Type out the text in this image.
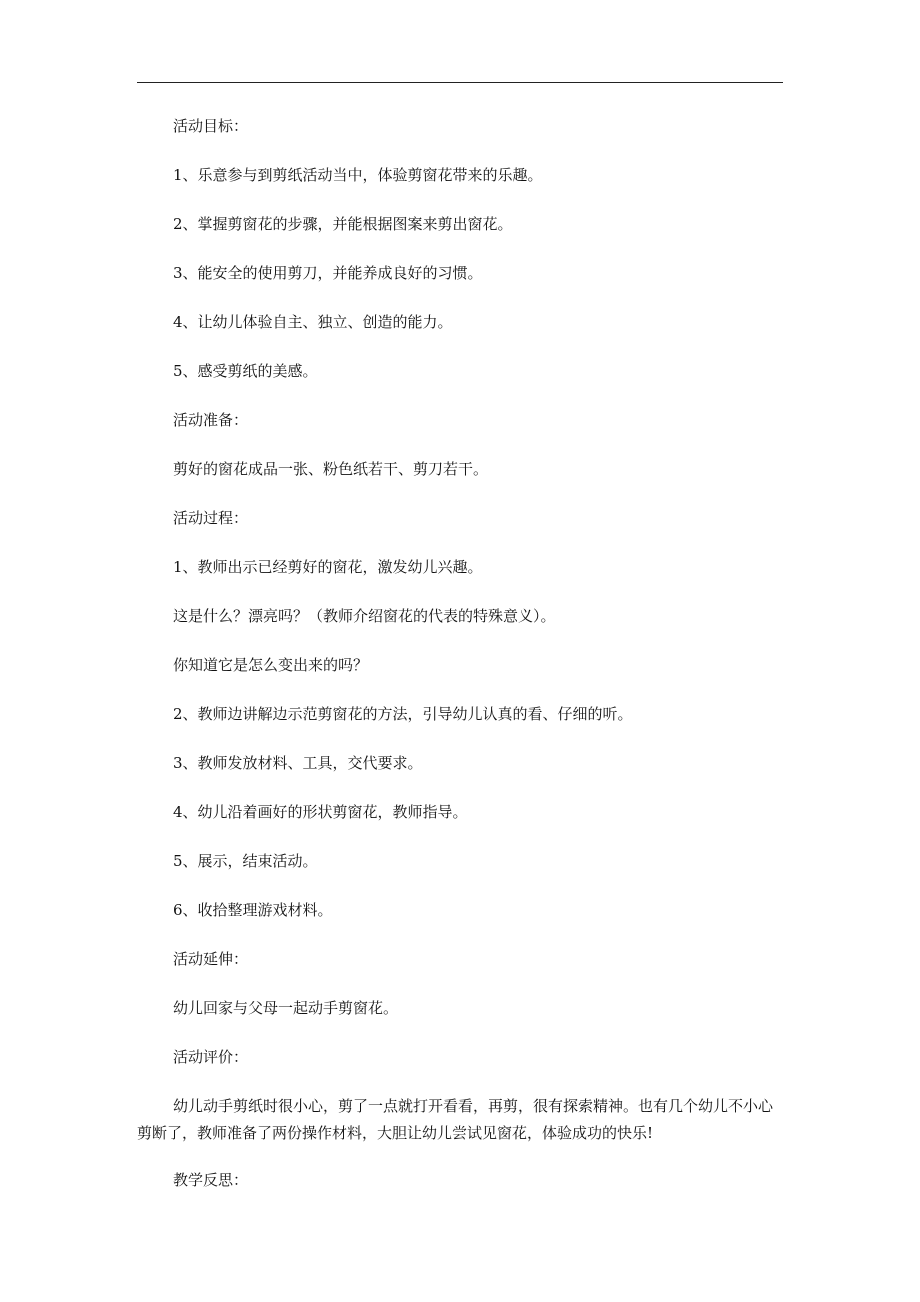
活动目标：

1、乐意参与到剪纸活动当中，体验剪窗花带来的乐趣。

2、掌握剪窗花的步骤，并能根据图案来剪出窗花。

3、能安全的使用剪刀，并能养成良好的习惯。

4、让幼儿体验自主、独立、创造的能力。

5、感受剪纸的美感。

活动准备：

剪好的窗花成品一张、粉色纸若干、剪刀若干。

活动过程：

1、教师出示已经剪好的窗花，激发幼儿兴趣。

这是什么？漂亮吗？（教师介绍窗花的代表的特殊意义）。

你知道它是怎么变出来的吗？

2、教师边讲解边示范剪窗花的方法，引导幼儿认真的看、仔细的听。

3、教师发放材料、工具，交代要求。

4、幼儿沿着画好的形状剪窗花，教师指导。

5、展示，结束活动。

6、收拾整理游戏材料。

活动延伸：

幼儿回家与父母一起动手剪窗花。

活动评价：

幼儿动手剪纸时很小心，剪了一点就打开看看，再剪，很有探索精神。也有几个幼儿不小心剪断了，教师准备了两份操作材料，大胆让幼儿尝试见窗花，体验成功的快乐!

教学反思：
